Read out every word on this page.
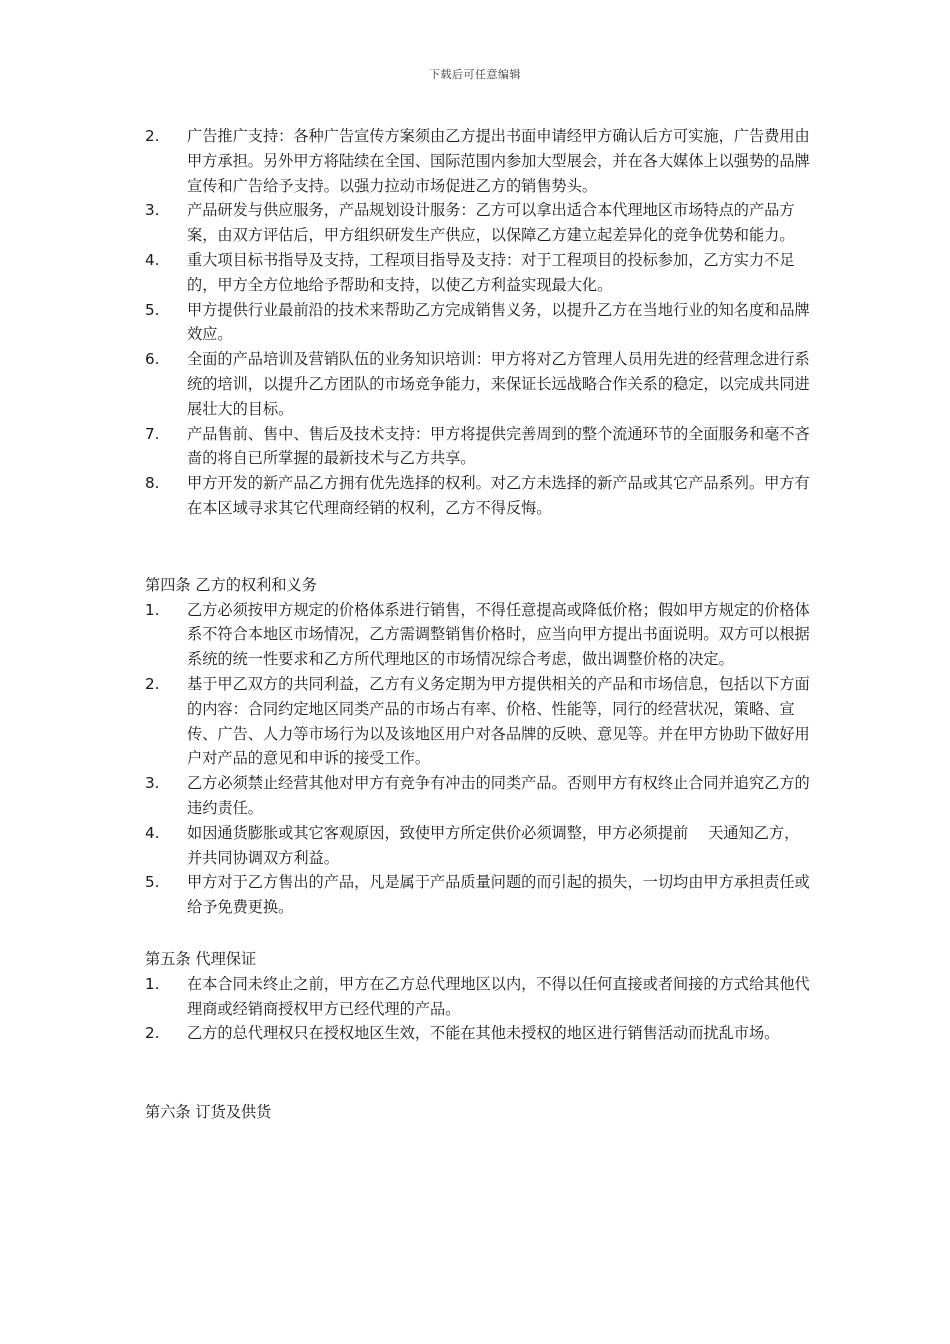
下载后可任意编辑
2. 广告推广支持：各种广告宣传方案须由乙方提出书面申请经甲方确认后方可实施，广告费用由甲方承担。另外甲方将陆续在全国、国际范围内参加大型展会，并在各大媒体上以强势的品牌宣传和广告给予支持。以强力拉动市场促进乙方的销售势头。
3. 产品研发与供应服务，产品规划设计服务：乙方可以拿出适合本代理地区市场特点的产品方案，由双方评估后，甲方组织研发生产供应，以保障乙方建立起差异化的竞争优势和能力。
4. 重大项目标书指导及支持，工程项目指导及支持：对于工程项目的投标参加，乙方实力不足的，甲方全方位地给予帮助和支持，以使乙方利益实现最大化。
5. 甲方提供行业最前沿的技术来帮助乙方完成销售义务，以提升乙方在当地行业的知名度和品牌效应。
6. 全面的产品培训及营销队伍的业务知识培训：甲方将对乙方管理人员用先进的经营理念进行系统的培训，以提升乙方团队的市场竞争能力，来保证长远战略合作关系的稳定，以完成共同进展壮大的目标。
7. 产品售前、售中、售后及技术支持：甲方将提供完善周到的整个流通环节的全面服务和毫不吝啬的将自已所掌握的最新技术与乙方共享。
8. 甲方开发的新产品乙方拥有优先选择的权利。对乙方未选择的新产品或其它产品系列。甲方有在本区域寻求其它代理商经销的权利，乙方不得反悔。

第四条 乙方的权利和义务

1. 乙方必须按甲方规定的价格体系进行销售，不得任意提高或降低价格；假如甲方规定的价格体系不符合本地区市场情况，乙方需调整销售价格时，应当向甲方提出书面说明。双方可以根据系统的统一性要求和乙方所代理地区的市场情况综合考虑，做出调整价格的决定。
2. 基于甲乙双方的共同利益，乙方有义务定期为甲方提供相关的产品和市场信息，包括以下方面的内容：合同约定地区同类产品的市场占有率、价格、性能等，同行的经营状况，策略、宣传、广告、人力等市场行为以及该地区用户对各品牌的反映、意见等。并在甲方协助下做好用户对产品的意见和申诉的接受工作。
3. 乙方必须禁止经营其他对甲方有竞争有冲击的同类产品。否则甲方有权终止合同并追究乙方的违约责任。
4. 如因通货膨胀或其它客观原因，致使甲方所定供价必须调整，甲方必须提前　 天通知乙方，并共同协调双方利益。
5. 甲方对于乙方售出的产品，凡是属于产品质量问题的而引起的损失，一切均由甲方承担责任或给予免费更换。

第五条 代理保证

1. 在本合同未终止之前，甲方在乙方总代理地区以内，不得以任何直接或者间接的方式给其他代理商或经销商授权甲方已经代理的产品。
2. 乙方的总代理权只在授权地区生效，不能在其他未授权的地区进行销售活动而扰乱市场。

第六条 订货及供货
